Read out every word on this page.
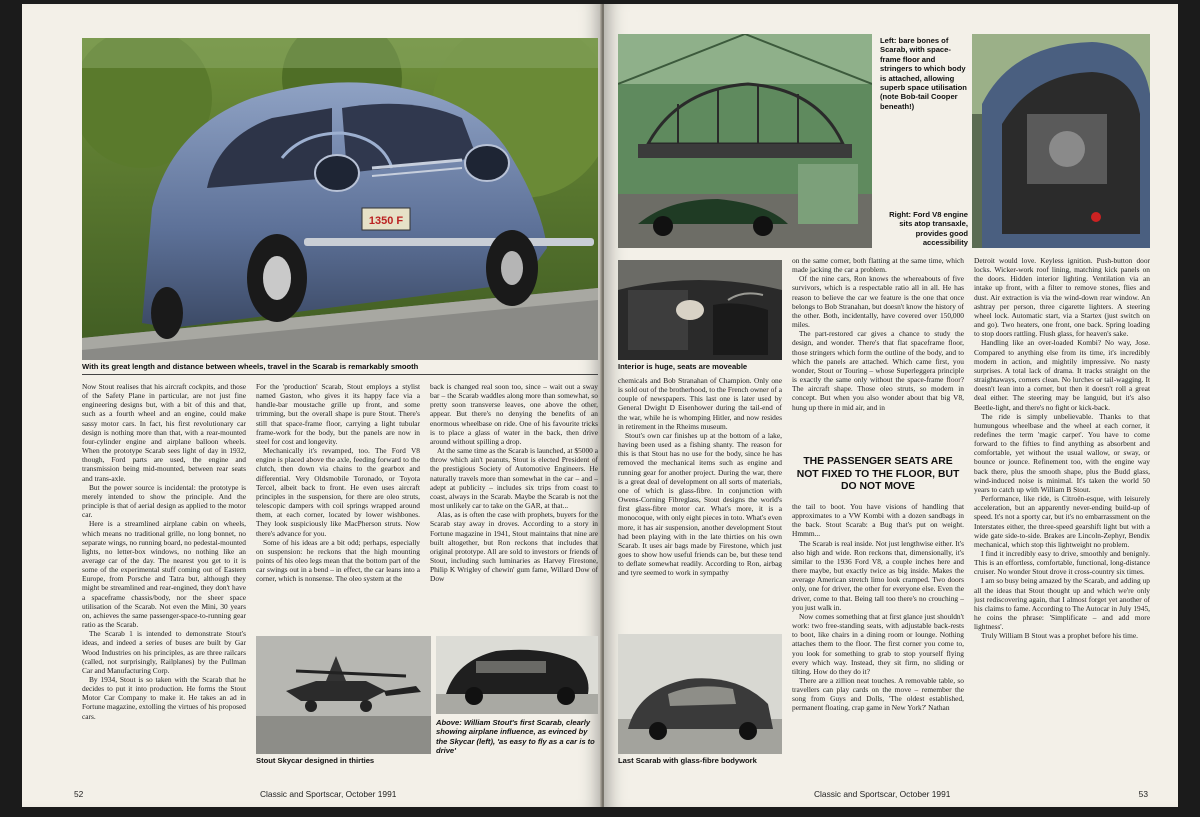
1350 F
With its great length and distance between wheels, travel in the Scarab is remarkably smooth

Now Stout realises that his aircraft cockpits, and those of the Safety Plane in particular, are not just fine engineering designs but, with a bit of this and that, such as a fourth wheel and an engine, could make sassy motor cars. In fact, his first revolutionary car design is nothing more than that, with a rear-mounted four-cylinder engine and airplane balloon wheels. When the prototype Scarab sees light of day in 1932, though, Ford parts are used, the engine and transmission being mid-mounted, between rear seats and trans-axle.

But the power source is incidental: the prototype is merely intended to show the principle. And the principle is that of aerial design as applied to the motor car.

Here is a streamlined airplane cabin on wheels, which means no traditional grille, no long bonnet, no separate wings, no running board, no pedestal-mounted lights, no letter-box windows, no nothing like an average car of the day. The nearest you get to it is some of the experimental stuff coming out of Eastern Europe, from Porsche and Tatra but, although they might be streamlined and rear-engined, they don't have a spaceframe chassis/body, nor the sheer space utilisation of the Scarab. Not even the Mini, 30 years on, achieves the same passenger-space-to-running gear ratio as the Scarab.

The Scarab 1 is intended to demonstrate Stout's ideas, and indeed a series of buses are built by Gar Wood Industries on his principles, as are three railcars (called, not surprisingly, Railplanes) by the Pullman Car and Manufacturing Corp.

By 1934, Stout is so taken with the Scarab that he decides to put it into production. He forms the Stout Motor Car Company to make it. He takes an ad in Fortune magazine, extolling the virtues of his proposed cars.

For the 'production' Scarab, Stout employs a stylist named Gaston, who gives it its happy face via a handle-bar moustache grille up front, and some trimming, but the overall shape is pure Stout. There's still that space-frame floor, carrying a light tubular frame-work for the body, but the panels are now in steel for cost and longevity.

Mechanically it's revamped, too. The Ford V8 engine is placed above the axle, feeding forward to the clutch, then down via chains to the gearbox and differential. Very Oldsmobile Toronado, or Toyota Tercel, albeit back to front. He even uses aircraft principles in the suspension, for there are oleo struts, telescopic dampers with coil springs wrapped around them, at each corner, located by lower wishbones. They look suspiciously like MacPherson struts. Now there's advance for you.

Some of his ideas are a bit odd; perhaps, especially on suspension: he reckons that the high mounting points of his oleo legs mean that the bottom part of the car swings out in a bend – in effect, the car leans into a corner, which is nonsense. The oleo system at the

back is changed real soon too, since – wait out a sway bar – the Scarab waddles along more than somewhat, so pretty soon transverse leaves, one above the other, appear. But there's no denying the benefits of an enormous wheelbase on ride. One of his favourite tricks is to place a glass of water in the back, then drive around without spilling a drop.

At the same time as the Scarab is launched, at $5000 a throw which ain't peanuts, Stout is elected President of the prestigious Society of Automotive Engineers. He naturally travels more than somewhat in the car – and – adept at publicity – includes six trips from coast to coast, always in the Scarab. Maybe the Scarab is not the most unlikely car to take on the GAR, at that...

Alas, as is often the case with prophets, buyers for the Scarab stay away in droves. According to a story in Fortune magazine in 1941, Stout maintains that nine are built altogether, but Ron reckons that includes that original prototype. All are sold to investors or friends of Stout, including such luminaries as Harvey Firestone, Philip K Wrigley of chewin' gum fame, Willard Dow of Dow

Stout Skycar designed in thirties
Above: William Stout's first Scarab, clearly showing airplane influence, as evinced by the Skycar (left), 'as easy to fly as a car is to drive'
52	Classic and Sportscar, October 1991
Left: bare bones of Scarab, with space-frame floor and stringers to which body is attached, allowing superb space utilisation (note Bob-tail Cooper beneath!)
Right: Ford V8 engine sits atop transaxle, provides good accessibility
Interior is huge, seats are moveable

chemicals and Bob Stranahan of Champion. Only one is sold out of the brotherhood, to the French owner of a couple of newspapers. This last one is later used by General Dwight D Eisenhower during the tail-end of the war, while he is whomping Hitler, and now resides in retirement in the Rheims museum.

Stout's own car finishes up at the bottom of a lake, having been used as a fishing shanty. The reason for this is that Stout has no use for the body, since he has removed the mechanical items such as engine and running gear for another project. During the war, there is a great deal of development on all sorts of materials, one of which is glass-fibre. In conjunction with Owens-Corning Fibreglass, Stout designs the world's first glass-fibre motor car. What's more, it is a monocoque, with only eight pieces in toto. What's even more, it has air suspension, another development Stout had been playing with in the late thirties on his own Scarab. It uses air bags made by Firestone, which just goes to show how useful friends can be, but these tend to deflate somewhat readily. According to Ron, airbag and tyre seemed to work in sympathy

Last Scarab with glass-fibre bodywork

on the same corner, both flatting at the same time, which made jacking the car a problem.

Of the nine cars, Ron knows the whereabouts of five survivors, which is a respectable ratio all in all. He has reason to believe the car we feature is the one that once belongs to Bob Stranahan, but doesn't know the history of the other. Both, incidentally, have covered over 150,000 miles.

The part-restored car gives a chance to study the design, and wonder. There's that flat spaceframe floor, those stringers which form the outline of the body, and to which the panels are attached. Which came first, you wonder, Stout or Touring – whose Superleggera principle is exactly the same only without the space-frame floor? The aircraft shape. Those oleo struts, so modern in concept. But when you also wonder about that big V8, hung up there in mid air, and in

THE PASSENGER SEATS ARE NOT FIXED TO THE FLOOR, BUT DO NOT MOVE

the tail to boot. You have visions of handling that approximates to a VW Kombi with a dozen sandbags in the back. Stout Scarab: a Bug that's put on weight. Hmmm...

The Scarab is real inside. Not just lengthwise either. It's also high and wide. Ron reckons that, dimensionally, it's similar to the 1936 Ford V8, a couple inches here and there maybe, but exactly twice as big inside. Makes the average American stretch limo look cramped. Two doors only, one for driver, the other for everyone else. Even the driver, come to that. Being tall too there's no crouching – you just walk in.

Now comes something that at first glance just shouldn't work: two free-standing seats, with adjustable back-rests to boot, like chairs in a dining room or lounge. Nothing attaches them to the floor. The first corner you come to, you look for something to grab to stop yourself flying every which way. Instead, they sit firm, no sliding or tilting. How do they do it?

There are a zillion neat touches. A removable table, so travellers can play cards on the move – remember the song from Guys and Dolls, 'The oldest established, permanent floating, crap game in New York?' Nathan

Detroit would love. Keyless ignition. Push-button door locks. Wicker-work roof lining, matching kick panels on the doors. Hidden interior lighting. Ventilation via an intake up front, with a filter to remove stones, flies and dust. Air extraction is via the wind-down rear window. An ashtray per person, three cigarette lighters. A steering wheel lock. Automatic start, via a Startex (just switch on and go). Two heaters, one front, one back. Spring loading to stop doors rattling. Flush glass, for heaven's sake.

Handling like an over-loaded Kombi? No way, Jose. Compared to anything else from its time, it's incredibly modern in action, and mightily impressive. No nasty surprises. A total lack of drama. It tracks straight on the straightaways, corners clean. No lurches or tail-wagging. It doesn't lean into a corner, but then it doesn't roll a great deal either. The steering may be languid, but it's also Beetle-light, and there's no fight or kick-back.

The ride is simply unbelievable. Thanks to that humungous wheelbase and the wheel at each corner, it redefines the term 'magic carpet'. You have to come forward to the fifties to find anything as absorbent and comfortable, yet without the usual wallow, or sway, or bounce or jounce. Refinement too, with the engine way back there, plus the smooth shape, plus the Budd glass, wind-induced noise is minimal. It's taken the world 50 years to catch up with William B Stout.

Performance, like ride, is Citroën-esque, with leisurely acceleration, but an apparently never-ending build-up of speed. It's not a sporty car, but it's no embarrassment on the Interstates either, the three-speed gearshift light but with a wide gate side-to-side. Brakes are Lincoln-Zephyr, Bendix mechanical, which stop this lightweight no problem.

I find it incredibly easy to drive, smoothly and benignly. This is an effortless, comfortable, functional, long-distance cruiser. No wonder Stout drove it cross-country six times.

I am so busy being amazed by the Scarab, and adding up all the ideas that Stout thought up and which we're only just rediscovering again, that I almost forget yet another of his claims to fame. According to The Autocar in July 1945, he coins the phrase: 'Simplificate – and add more lightness'.

Truly William B Stout was a prophet before his time.

Classic and Sportscar, October 1991	53
